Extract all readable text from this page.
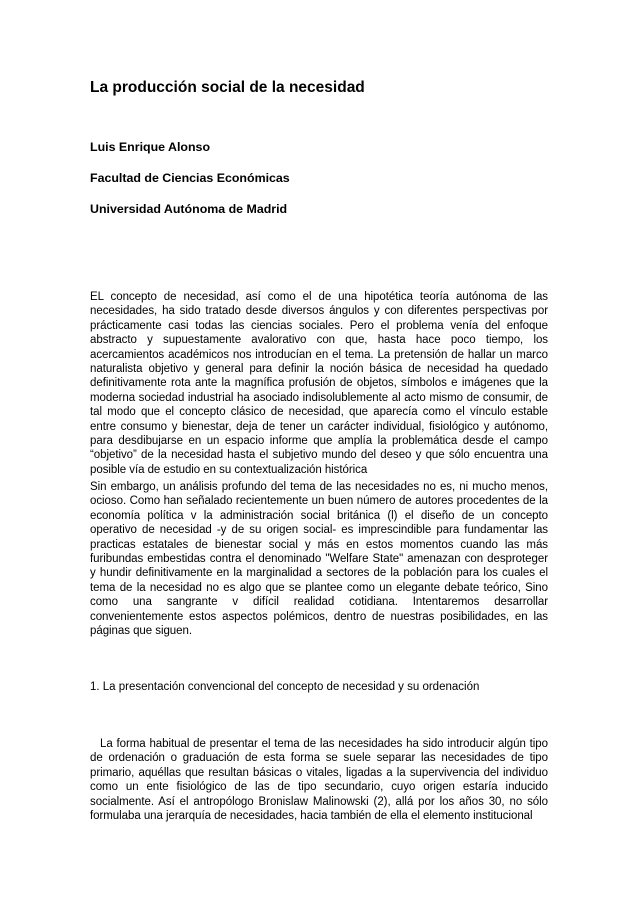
La producción social de la necesidad

Luis Enrique Alonso

Facultad de Ciencias Económicas

Universidad Autónoma de Madrid

EL concepto de necesidad, así como el de una hipotética teoría autónoma de las necesidades, ha sido tratado desde diversos ángulos y con diferentes perspectivas por prácticamente casi todas las ciencias sociales. Pero el problema venía del enfoque abstracto y supuestamente avalorativo con que, hasta hace poco tiempo, los acercamientos académicos nos introducían en el tema. La pretensión de hallar un marco naturalista objetivo y general para definir la noción básica de necesidad ha quedado definitivamente rota ante la magnífica profusión de objetos, símbolos e imágenes que la moderna sociedad industrial ha asociado indisolublemente al acto mismo de consumir, de tal modo que el concepto clásico de necesidad, que aparecía como el vínculo estable entre consumo y bienestar, deja de tener un carácter individual, fisiológico y autónomo, para desdibujarse en un espacio informe que amplía la problemática desde el campo “objetivo” de la necesidad hasta el subjetivo mundo del deseo y que sólo encuentra una posible vía de estudio en su contextualización histórica

Sin embargo, un análisis profundo del tema de las necesidades no es, ni mucho menos, ocioso. Como han señalado recientemente un buen número de autores procedentes de la economía política v la administración social británica (l) el diseño de un concepto operativo de necesidad -y de su origen social- es imprescindible para fundamentar las practicas estatales de bienestar social y más en estos momentos cuando las más furibundas embestidas contra el denominado "Welfare State" amenazan con desproteger y hundir definitivamente en la marginalidad a sectores de la población para los cuales el tema de la necesidad no es algo que se plantee como un elegante debate teórico, Sino como una sangrante v difícil realidad cotidiana. Intentaremos desarrollar convenientemente estos aspectos polémicos, dentro de nuestras posibilidades, en las páginas que siguen.

1. La presentación convencional del concepto de necesidad y su ordenación

La forma habitual de presentar el tema de las necesidades ha sido introducir algún tipo de ordenación o graduación de esta forma se suele separar las necesidades de tipo primario, aquéllas que resultan básicas o vitales, ligadas a la supervivencia del individuo como un ente fisiológico de las de tipo secundario, cuyo origen estaría inducido socialmente. Así el antropólogo Bronislaw Malinowski (2), allá por los años 30, no sólo formulaba una jerarquía de necesidades, hacia también de ella el elemento institucional
